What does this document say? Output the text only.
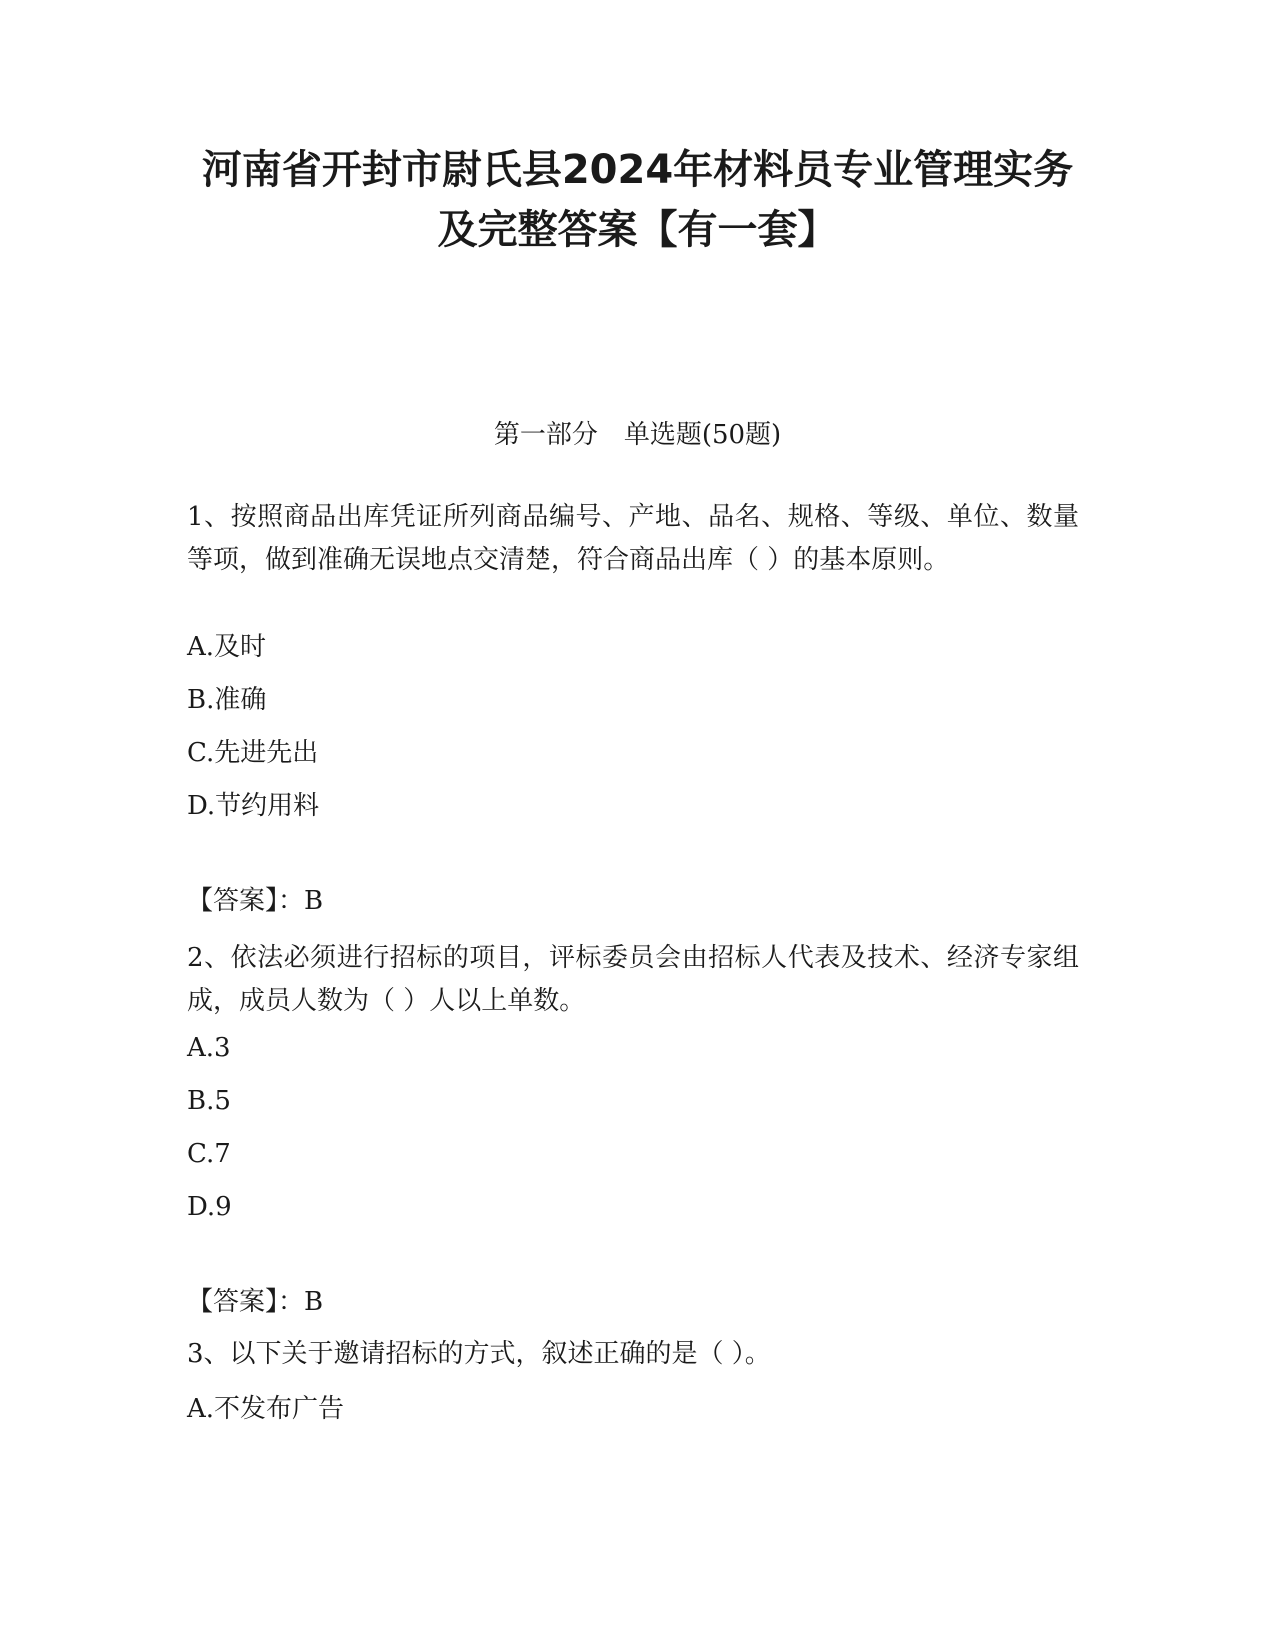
河南省开封市尉氏县2024年材料员专业管理实务
及完整答案【有一套】
第一部分　单选题(50题)
1、按照商品出库凭证所列商品编号、产地、品名、规格、等级、单位、数量等项，做到准确无误地点交清楚，符合商品出库（ ）的基本原则。
A.及时
B.准确
C.先进先出
D.节约用料
【答案】：B
2、依法必须进行招标的项目，评标委员会由招标人代表及技术、经济专家组成，成员人数为（ ）人以上单数。
A.3
B.5
C.7
D.9
【答案】：B
3、以下关于邀请招标的方式，叙述正确的是（ ）。
A.不发布广告
